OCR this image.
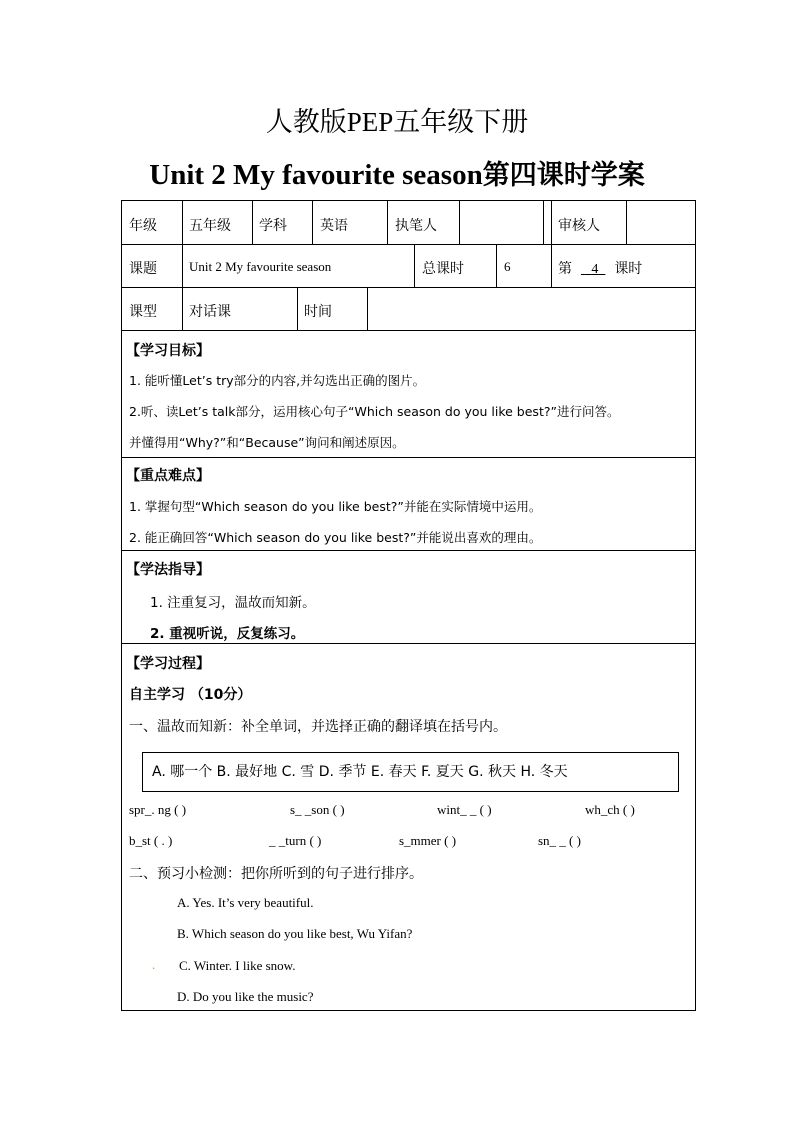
人教版PEP五年级下册
Unit 2 My favourite season第四课时学案
年级 五年级 学科 英语	执笔人	审核人
课题 Unit 2 My favourite season	总课时	6	第 4 课时
课型 对话课	时间
【学习目标】
1. 能听懂Let’s try部分的内容,并勾选出正确的图片。
2.听、读Let’s talk部分，运用核心句子“Which season do you like best?”进行问答。
并懂得用“Why?”和“Because”询问和阐述原因。
【重点难点】
1. 掌握句型“Which season do you like best?”并能在实际情境中运用。
2. 能正确回答“Which season do you like best?”并能说出喜欢的理由。
【学法指导】
1. 注重复习，温故而知新。
2. 重视听说，反复练习。
【学习过程】
自主学习 （10分）
一、温故而知新：补全单词，并选择正确的翻译填在括号内。
A. 哪一个 B. 最好地 C. 雪 D. 季节 E. 春天 F. 夏天 G. 秋天 H. 冬天
spr_. ng ( )	s_ _son ( )	wint_ _ ( )	wh_ch ( )
b_st ( . )	_ _turn ( )	s_mmer ( )	sn_ _ ( )
二、预习小检测：把你所听到的句子进行排序。
A. Yes. It’s very beautiful.
B. Which season do you like best, Wu Yifan?
. C. Winter. I like snow.
D. Do you like the music?
